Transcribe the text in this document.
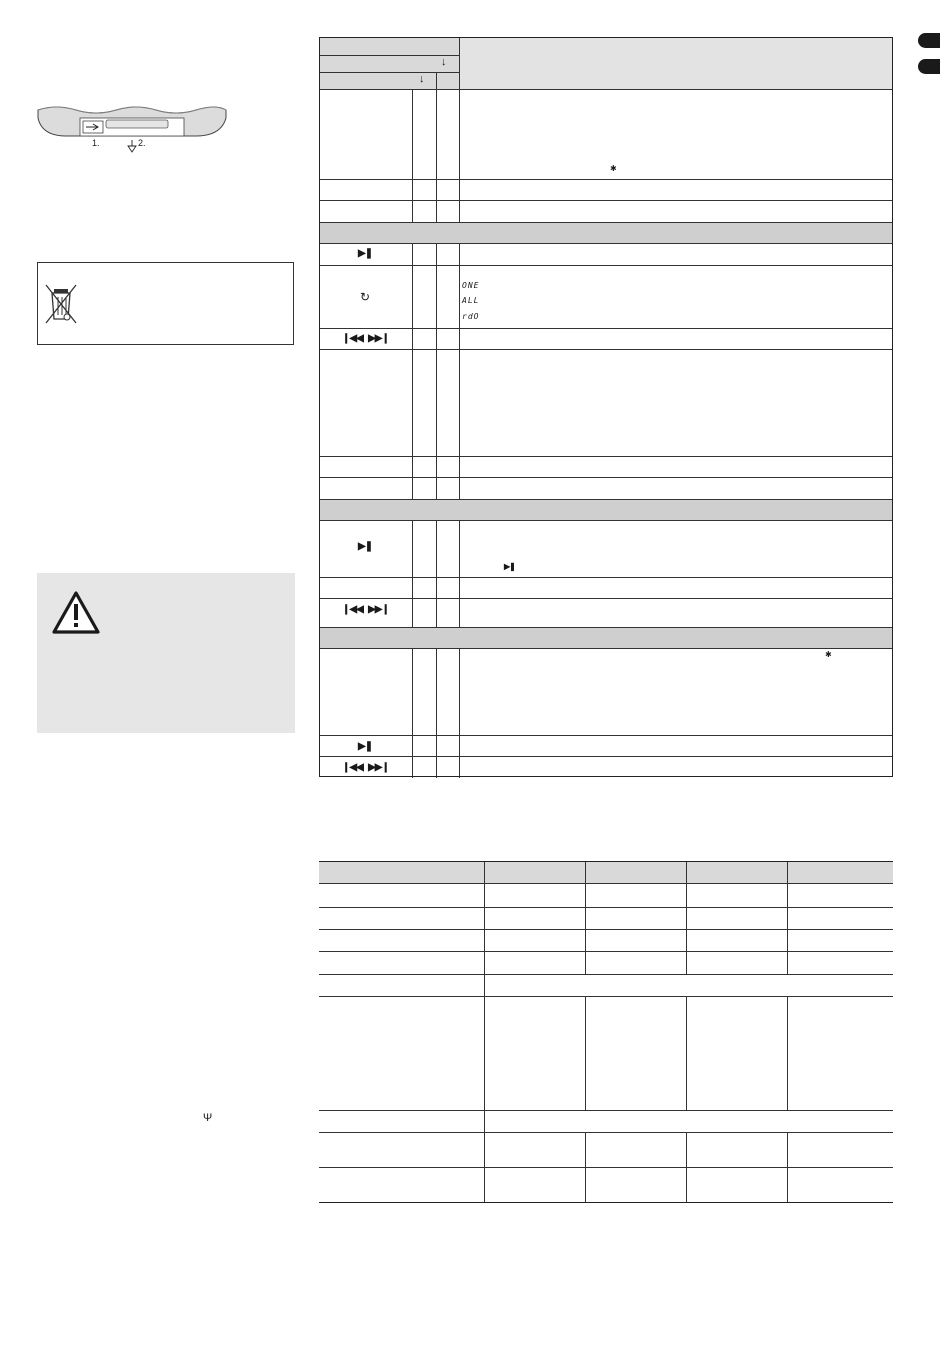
1.	2.
Ψ
↓
↓
▶❚
↻
❙◀◀   ▶▶❙
▶❚
❙◀◀   ▶▶❙
▶❚
❙◀◀   ▶▶❙
▶❚
✱
✱
ONE
ALL
rdO
